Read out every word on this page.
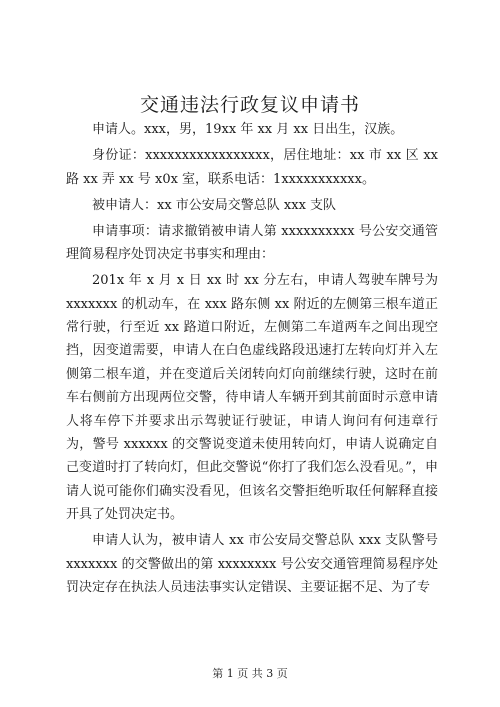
交通违法行政复议申请书

申请人。xxx，男，19xx 年 xx 月 xx 日出生，汉族。

身份证：xxxxxxxxxxxxxxxxx，居住地址：xx 市 xx 区 xx 路 xx 弄 xx 号 x0x 室，联系电话：1xxxxxxxxxxx。

被申请人：xx 市公安局交警总队 xxx 支队

申请事项：请求撤销被申请人第 xxxxxxxxxx 号公安交通管理简易程序处罚决定书事实和理由：

201x 年 x 月 x 日 xx 时 xx 分左右，申请人驾驶车牌号为 xxxxxxx 的机动车，在 xxx 路东侧 xx 附近的左侧第三根车道正常行驶，行至近 xx 路道口附近，左侧第二车道两车之间出现空挡，因变道需要，申请人在白色虚线路段迅速打左转向灯并入左侧第二根车道，并在变道后关闭转向灯向前继续行驶，这时在前车右侧前方出现两位交警，待申请人车辆开到其前面时示意申请人将车停下并要求出示驾驶证行驶证，申请人询问有何违章行为，警号 xxxxxx 的交警说变道未使用转向灯，申请人说确定自己变道时打了转向灯，但此交警说“你打了我们怎么没看见。”，申请人说可能你们确实没看见，但该名交警拒绝听取任何解释直接开具了处罚决定书。

申请人认为，被申请人 xx 市公安局交警总队 xxx 支队警号 xxxxxxx 的交警做出的第 xxxxxxxx 号公安交通管理简易程序处罚决定存在执法人员违法事实认定错误、主要证据不足、为了专

第 1 页 共 3 页
